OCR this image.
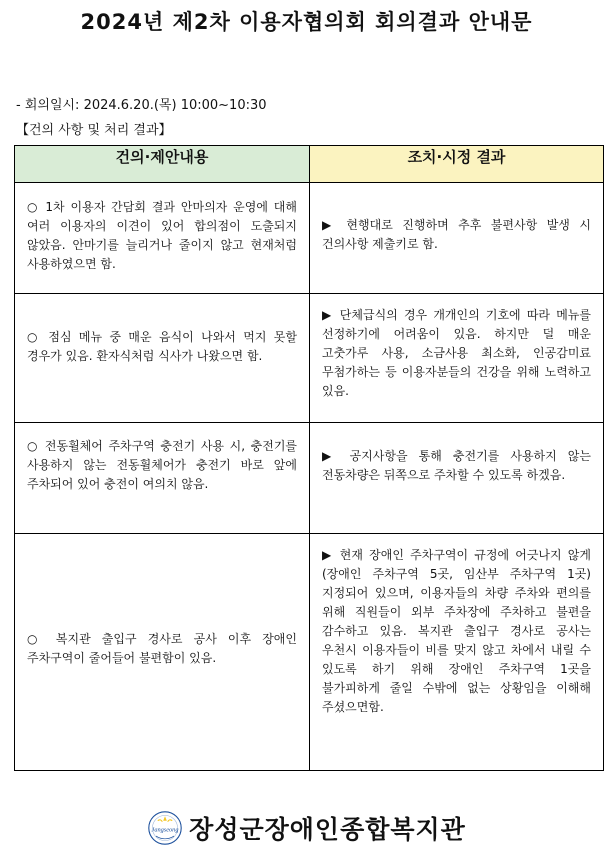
2024년 제2차 이용자협의회 회의결과 안내문
- 회의일시: 2024.6.20.(목) 10:00~10:30
【건의 사항 및 처리 결과】
건의·제안내용	조치·시정 결과

○ 1차 이용자 간담회 결과 안마의자 운영에 대해 여러 이용자의 이견이 있어 합의점이 도출되지 않았음. 안마기를 늘리거나 줄이지 않고 현재처럼 사용하였으면 함.	▶ 현행대로 진행하며 추후 불편사항 발생 시 건의사항 제출키로 함.

○ 점심 메뉴 중 매운 음식이 나와서 먹지 못할 경우가 있음. 환자식처럼 식사가 나왔으면 함.	▶ 단체급식의 경우 개개인의 기호에 따라 메뉴를 선정하기에 어려움이 있음. 하지만 덜 매운 고춧가루 사용, 소금사용 최소화, 인공감미료 무첨가하는 등 이용자분들의 건강을 위해 노력하고 있음.

○ 전동휠체어 주차구역 충전기 사용 시, 충전기를 사용하지 않는 전동휠체어가 충전기 바로 앞에 주차되어 있어 충전이 여의치 않음.	▶ 공지사항을 통해 충전기를 사용하지 않는 전동차량은 뒤쪽으로 주차할 수 있도록 하겠음.

○ 복지관 출입구 경사로 공사 이후 장애인 주차구역이 줄어들어 불편함이 있음.	▶ 현재 장애인 주차구역이 규정에 어긋나지 않게(장애인 주차구역 5곳, 임산부 주차구역 1곳) 지정되어 있으며, 이용자들의 차량 주차와 편의를 위해 직원들이 외부 주차장에 주차하고 불편을 감수하고 있음. 복지관 출입구 경사로 공사는 우천시 이용자들이 비를 맞지 않고 차에서 내릴 수 있도록 하기 위해 장애인 주차구역 1곳을 불가피하게 줄일 수밖에 없는 상황임을 이해해 주셨으면함.
Jangseong 장성군장애인종합복지관
